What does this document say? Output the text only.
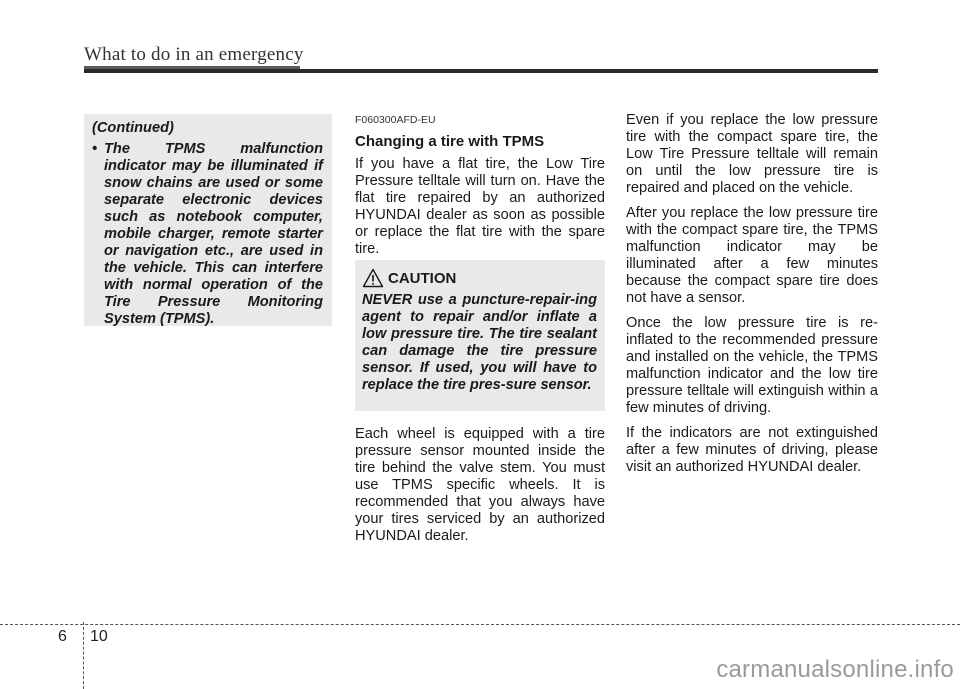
What to do in an emergency
(Continued)
• The TPMS malfunction indicator may be illuminated if snow chains are used or some separate electronic devices such as notebook computer, mobile charger, remote starter or navigation etc., are used in the vehicle. This can interfere with normal operation of the Tire Pressure Monitoring System (TPMS).
F060300AFD-EU
Changing a tire with TPMS

If you have a flat tire, the Low Tire Pressure telltale will turn on. Have the flat tire repaired by an authorized HYUNDAI dealer as soon as possible or replace the flat tire with the spare tire.

CAUTION
NEVER use a puncture-repair-ing agent to repair and/or inflate a low pressure tire. The tire sealant can damage the tire pressure sensor. If used, you will have to replace the tire pres-sure sensor.

Each wheel is equipped with a tire pressure sensor mounted inside the tire behind the valve stem. You must use TPMS specific wheels. It is recommended that you always have your tires serviced by an authorized HYUNDAI dealer.

Even if you replace the low pressure tire with the compact spare tire, the Low Tire Pressure telltale will remain on until the low pressure tire is repaired and placed on the vehicle.

After you replace the low pressure tire with the compact spare tire, the TPMS malfunction indicator may be illuminated after a few minutes because the compact spare tire does not have a sensor.

Once the low pressure tire is re-inflated to the recommended pressure and installed on the vehicle, the TPMS malfunction indicator and the low tire pressure telltale will extinguish within a few minutes of driving.

If the indicators are not extinguished after a few minutes of driving, please visit an authorized HYUNDAI dealer.

6 10
carmanualsonline.info
